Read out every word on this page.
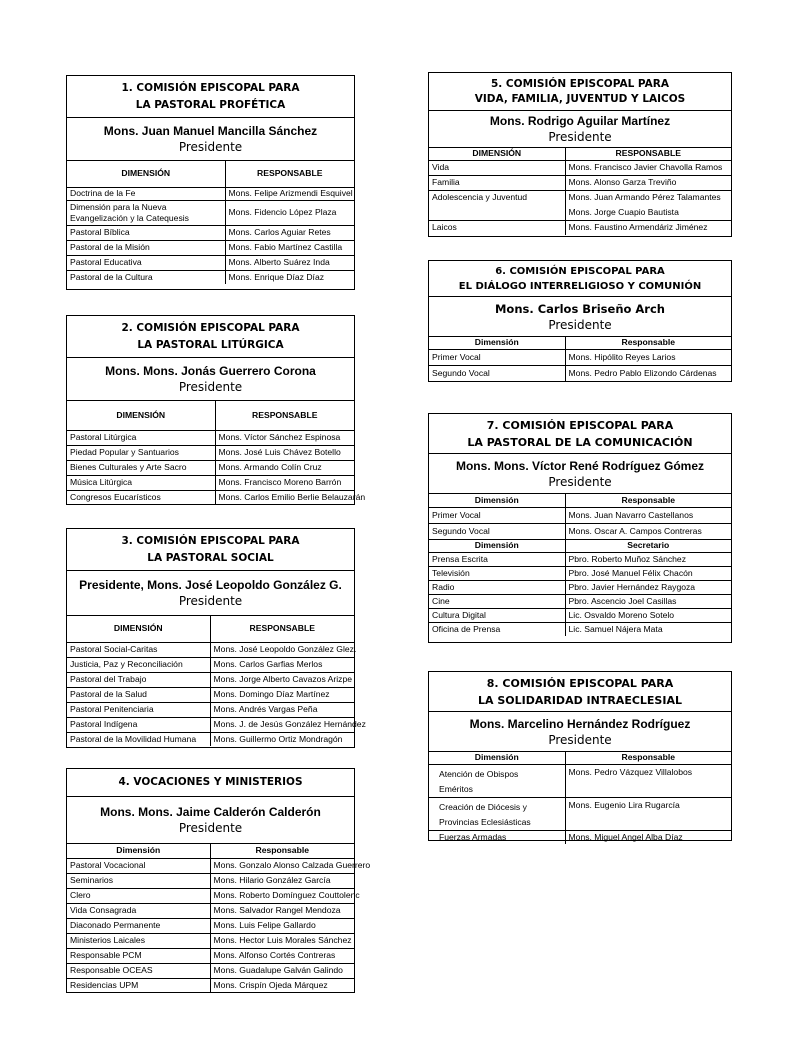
1. COMISIÓN EPISCOPAL PARA
LA PASTORAL PROFÉTICA
Mons. Juan Manuel Mancilla Sánchez
Presidente
DIMENSIÓN	RESPONSABLE
Doctrina de la Fe	Mons. Felipe Arizmendi Esquivel
Dimensión para la Nueva Evangelización y la Catequesis	Mons. Fidencio López Plaza
Pastoral Bíblica	Mons. Carlos Aguiar Retes
Pastoral de la Misión	Mons. Fabio Martínez Castilla
Pastoral Educativa	Mons. Alberto Suárez Inda
Pastoral de la Cultura	Mons. Enrique Díaz Díaz
2. COMISIÓN EPISCOPAL PARA
LA PASTORAL LITÚRGICA
Mons. Mons. Jonás Guerrero Corona
Presidente
DIMENSIÓN	RESPONSABLE
Pastoral Litúrgica	Mons. Víctor Sánchez Espinosa
Piedad Popular y Santuarios	Mons. José Luis Chávez Botello
Bienes Culturales y Arte Sacro	Mons. Armando Colín Cruz
Música Litúrgica	Mons. Francisco Moreno Barrón
Congresos Eucarísticos	Mons. Carlos Emilio Berlie Belauzarán
3. COMISIÓN EPISCOPAL PARA
LA PASTORAL SOCIAL
Presidente, Mons. José Leopoldo González G.
Presidente
DIMENSIÓN	RESPONSABLE
Pastoral Social-Caritas	Mons. José Leopoldo González Glez.
Justicia, Paz y Reconciliación	Mons. Carlos Garfias Merlos
Pastoral del Trabajo	Mons. Jorge Alberto Cavazos Arizpe
Pastoral de la Salud	Mons. Domingo Díaz Martínez
Pastoral Penitenciaria	Mons. Andrés Vargas Peña
Pastoral Indígena	Mons. J. de Jesús González Hernández
Pastoral de la Movilidad Humana	Mons. Guillermo Ortiz Mondragón
4. VOCACIONES Y MINISTERIOS
Mons. Mons. Jaime Calderón Calderón
Presidente
Dimensión	Responsable
Pastoral Vocacional	Mons. Gonzalo Alonso Calzada Guerrero
Seminarios	Mons. Hilario González García
Clero	Mons. Roberto Domínguez Couttolenc
Vida Consagrada	Mons. Salvador Rangel Mendoza
Diaconado Permanente	Mons. Luis Felipe Gallardo
Ministerios Laicales	Mons. Hector Luis Morales Sánchez
Responsable PCM	Mons. Alfonso Cortés Contreras
Responsable OCEAS	Mons. Guadalupe Galván Galindo
Residencias UPM	Mons. Crispín Ojeda Márquez
5. COMISIÓN EPISCOPAL PARA
VIDA, FAMILIA, JUVENTUD Y LAICOS
Mons. Rodrigo Aguilar Martínez
Presidente
DIMENSIÓN	RESPONSABLE
Vida	Mons. Francisco Javier Chavolla Ramos
Familia	Mons. Alonso Garza Treviño
Adolescencia y Juventud	Mons. Juan Armando Pérez Talamantes
	Mons. Jorge Cuapio Bautista
Laicos	Mons. Faustino Armendáriz Jiménez
6. COMISIÓN EPISCOPAL PARA
EL DIÁLOGO INTERRELIGIOSO Y COMUNIÓN
Mons. Carlos Briseño Arch
Presidente
Dimensión	Responsable
Primer Vocal	Mons. Hipólito Reyes Larios
Segundo Vocal	Mons. Pedro Pablo Elizondo Cárdenas
7. COMISIÓN EPISCOPAL PARA
LA PASTORAL DE LA COMUNICACIÓN
Mons. Mons. Víctor René Rodríguez Gómez
Presidente
Dimensión	Responsable
Primer Vocal	Mons. Juan Navarro Castellanos
Segundo Vocal	Mons. Oscar A. Campos Contreras
Dimensión	Secretario
Prensa Escrita	Pbro. Roberto Muñoz Sánchez
Televisión	Pbro. José Manuel Félix Chacón
Radio	Pbro. Javier Hernández Raygoza
Cine	Pbro. Ascencio Joel Casillas
Cultura Digital	Lic. Osvaldo Moreno Sotelo
Oficina de Prensa	Lic. Samuel Nájera Mata
8. COMISIÓN EPISCOPAL PARA
LA SOLIDARIDAD INTRAECLESIAL
Mons. Marcelino Hernández Rodríguez
Presidente
Dimensión	Responsable
Atención de Obispos Eméritos	Mons. Pedro Vázquez Villalobos
Creación de Diócesis y Provincias Eclesiásticas	Mons. Eugenio Lira Rugarcía
Fuerzas Armadas	Mons. Miguel Angel Alba Díaz
